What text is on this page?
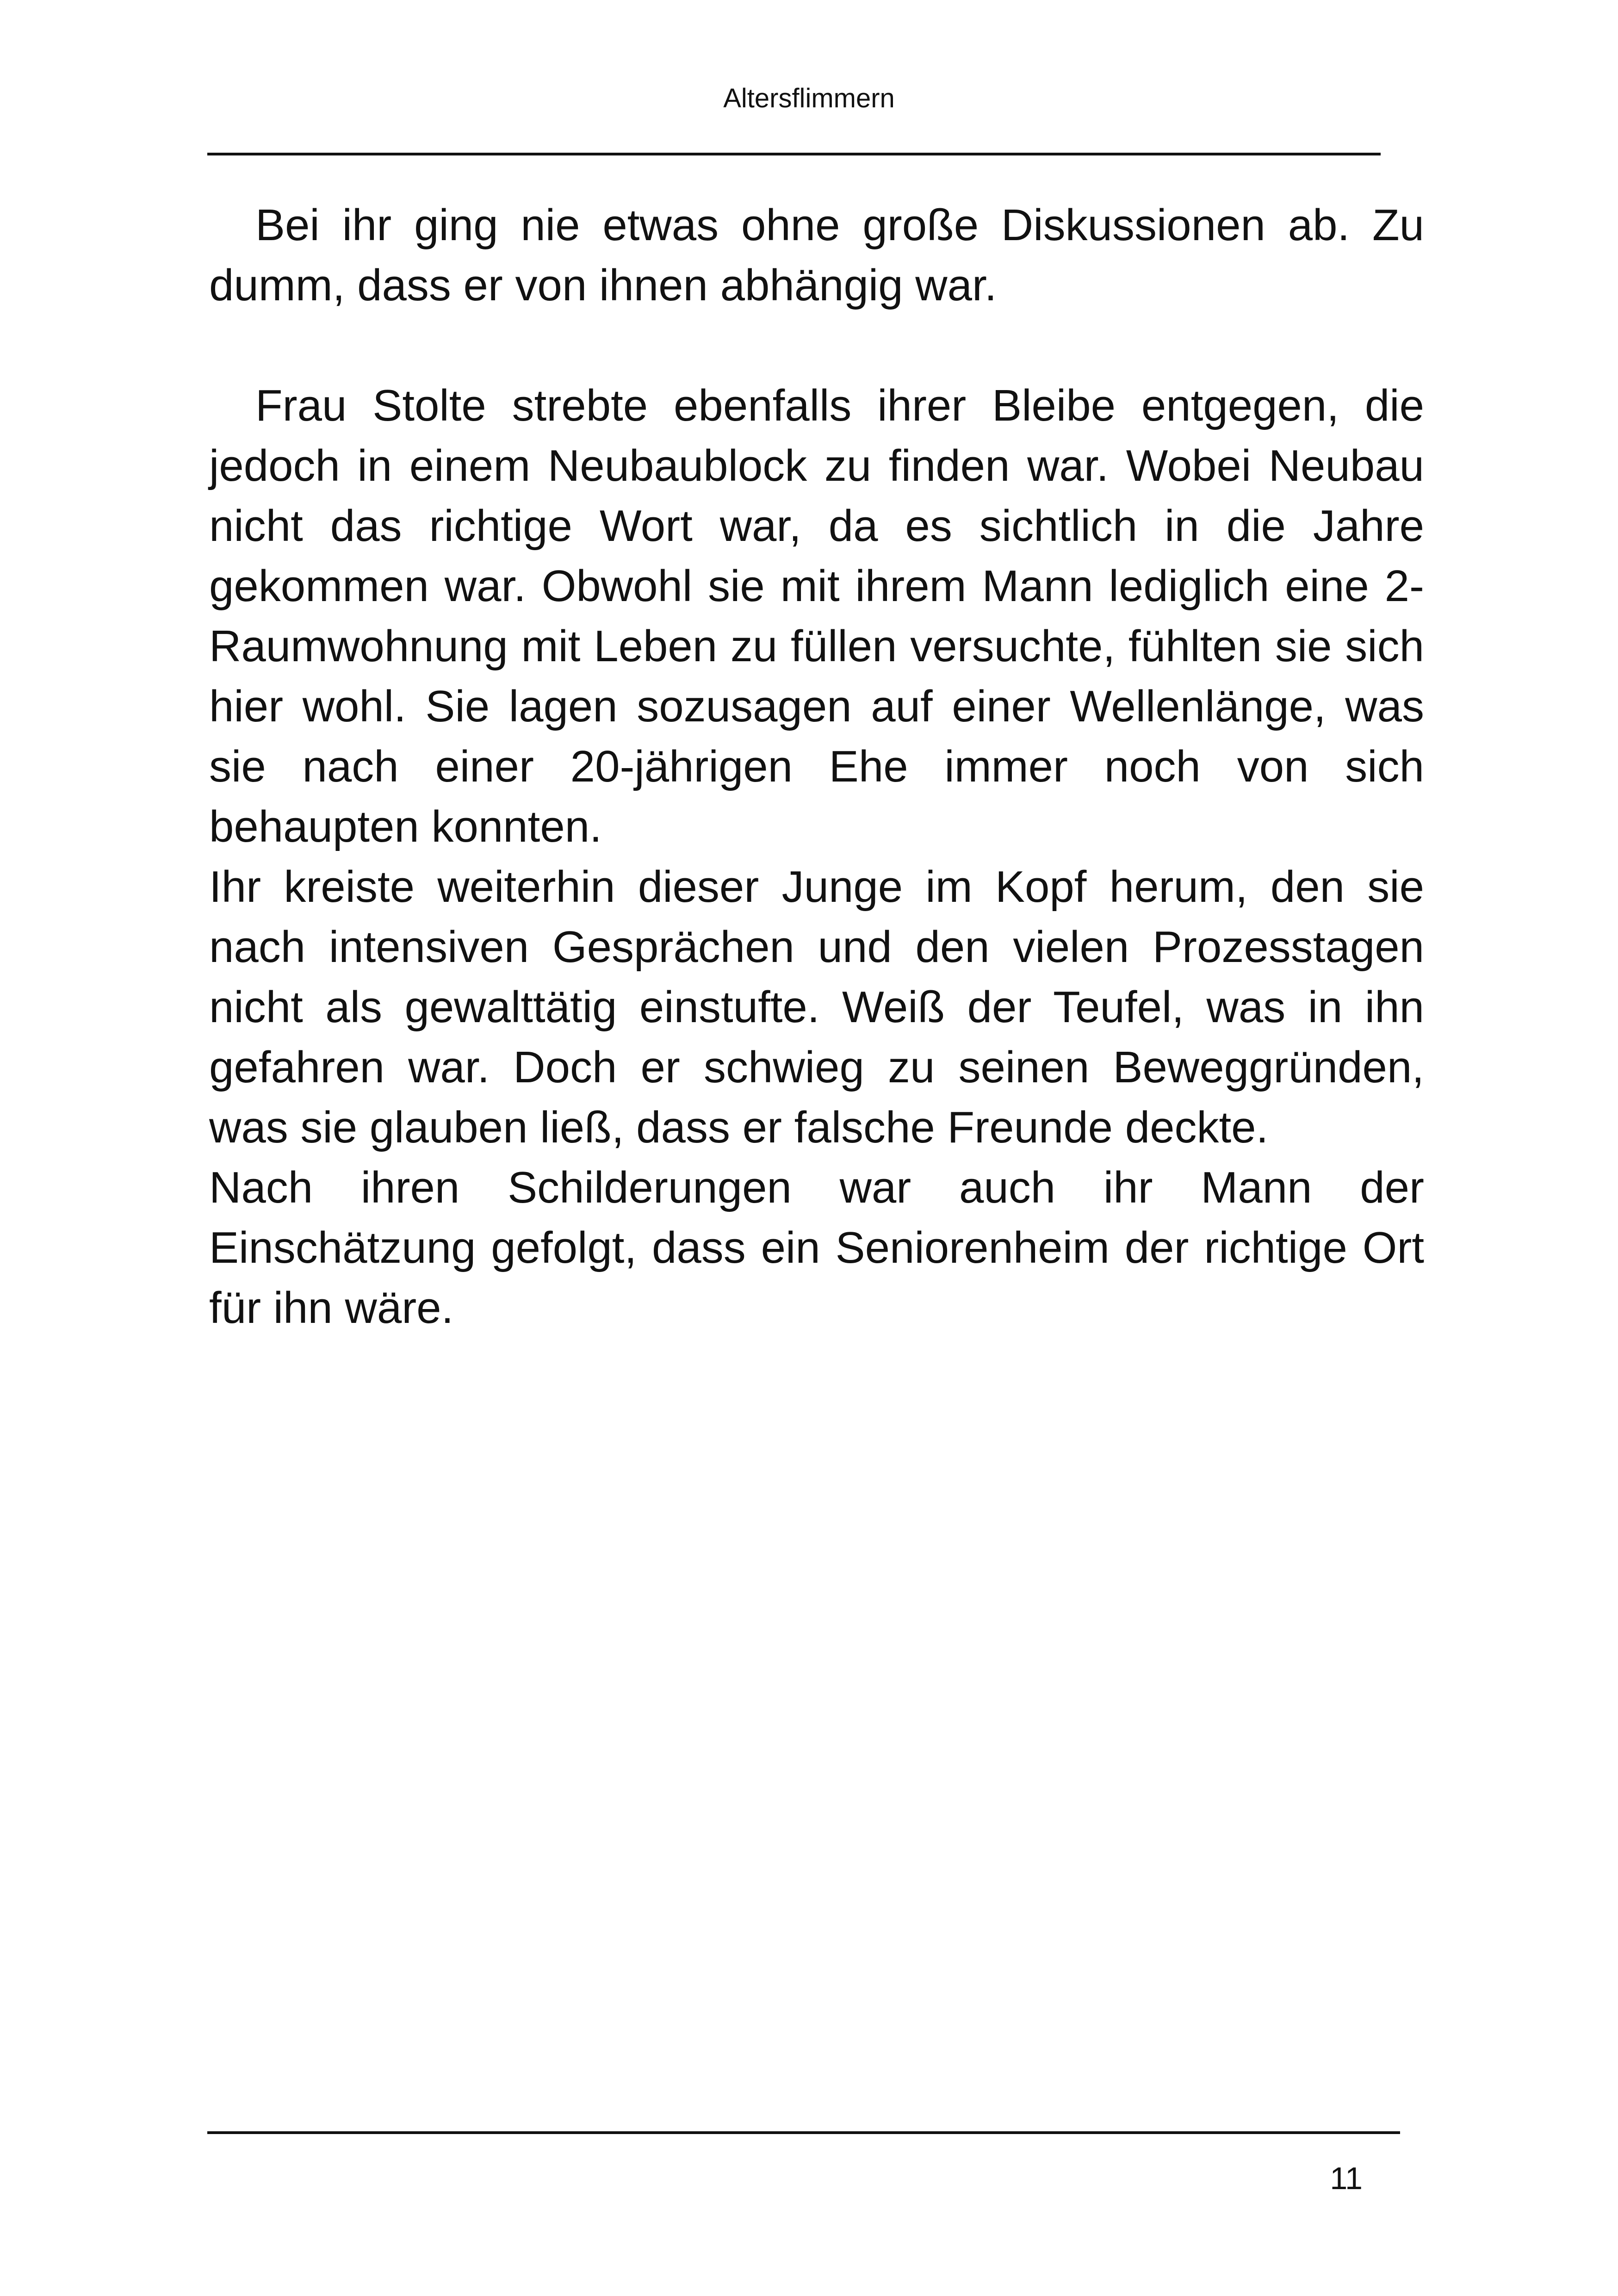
Altersflimmern

Bei ihr ging nie etwas ohne große Diskussionen ab. Zu dumm, dass er von ihnen abhängig war.

Frau Stolte strebte ebenfalls ihrer Bleibe entgegen, die jedoch in einem Neubaublock zu finden war. Wobei Neubau nicht das richtige Wort war, da es sichtlich in die Jahre gekommen war. Obwohl sie mit ihrem Mann lediglich eine 2-Raumwohnung mit Leben zu füllen versuchte, fühlten sie sich hier wohl. Sie lagen sozusagen auf einer Wellenlänge, was sie nach einer 20-jährigen Ehe immer noch von sich behaupten konnten.

Ihr kreiste weiterhin dieser Junge im Kopf herum, den sie nach intensiven Gesprächen und den vielen Prozesstagen nicht als gewalttätig einstufte. Weiß der Teufel, was in ihn gefahren war. Doch er schwieg zu seinen Beweggründen, was sie glauben ließ, dass er falsche Freunde deckte.

Nach ihren Schilderungen war auch ihr Mann der Einschätzung gefolgt, dass ein Seniorenheim der richtige Ort für ihn wäre.

11
